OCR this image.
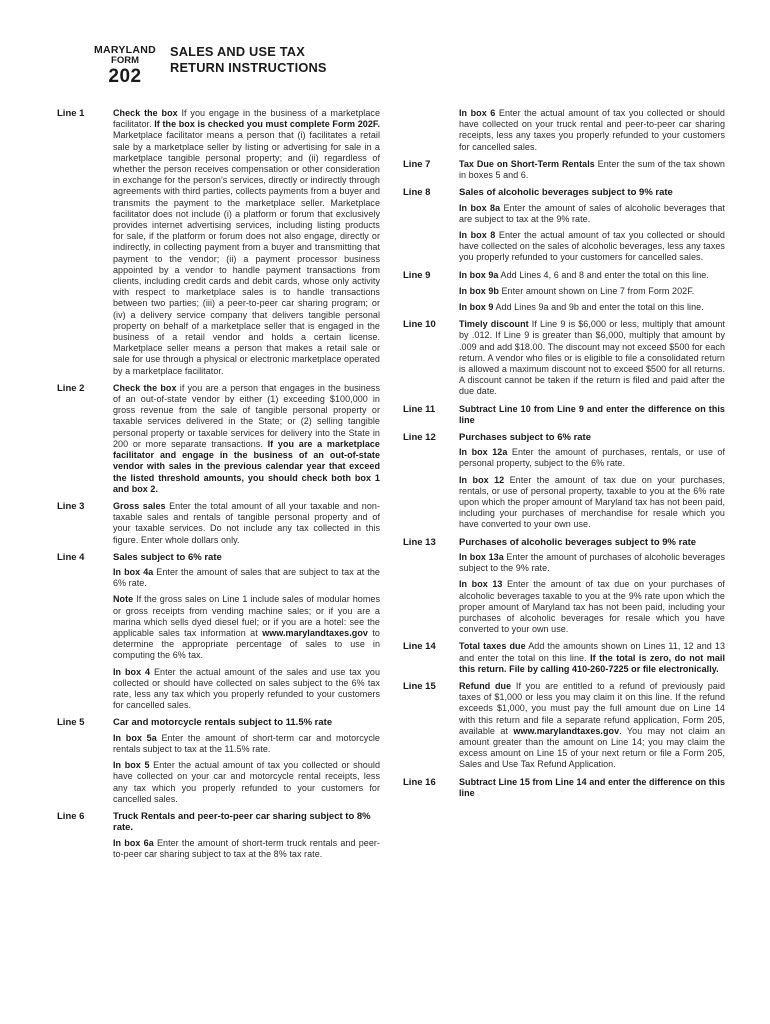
MARYLAND
FORM
202
SALES AND USE TAX
RETURN INSTRUCTIONS
Line 1	Check the box If you engage in the business of a marketplace facilitator. If the box is checked you must complete Form 202F. Marketplace facilitator means a person that (i) facilitates a retail sale by a marketplace seller by listing or advertising for sale in a marketplace tangible personal property; and (ii) regardless of whether the person receives compensation or other consideration in exchange for the person’s services, directly or indirectly through agreements with third parties, collects payments from a buyer and transmits the payment to the marketplace seller. Marketplace facilitator does not include (i) a platform or forum that exclusively provides internet advertising services, including listing products for sale, if the platform or forum does not also engage, directly or indirectly, in collecting payment from a buyer and transmitting that payment to the vendor; (ii) a payment processor business appointed by a vendor to handle payment transactions from clients, including credit cards and debit cards, whose only activity with respect to marketplace sales is to handle transactions between two parties; (iii) a peer-to-peer car sharing program; or (iv) a delivery service company that delivers tangible personal property on behalf of a marketplace seller that is engaged in the business of a retail vendor and holds a certain license. Marketplace seller means a person that makes a retail sale or sale for use through a physical or electronic marketplace operated by a marketplace facilitator.

Line 2	Check the box if you are a person that engages in the business of an out-of-state vendor by either (1) exceeding $100,000 in gross revenue from the sale of tangible personal property or taxable services delivered in the State; or (2) selling tangible personal property or taxable services for delivery into the State in 200 or more separate transactions. If you are a marketplace facilitator and engage in the business of an out-of-state vendor with sales in the previous calendar year that exceed the listed threshold amounts, you should check both box 1 and box 2.

Line 3	Gross sales Enter the total amount of all your taxable and non-taxable sales and rentals of tangible personal property and of your taxable services. Do not include any tax collected in this figure. Enter whole dollars only.

Line 4	Sales subject to 6% rate

In box 4a Enter the amount of sales that are subject to tax at the 6% rate.

Note If the gross sales on Line 1 include sales of modular homes or gross receipts from vending machine sales; or if you are a marina which sells dyed diesel fuel; or if you are a hotel: see the applicable sales tax information at www.marylandtaxes.gov to determine the appropriate percentage of sales to use in computing the 6% tax.

In box 4 Enter the actual amount of the sales and use tax you collected or should have collected on sales subject to the 6% tax rate, less any tax which you properly refunded to your customers for cancelled sales.

Line 5	Car and motorcycle rentals subject to 11.5% rate

In box 5a Enter the amount of short-term car and motorcycle rentals subject to tax at the 11.5% rate.

In box 5 Enter the actual amount of tax you collected or should have collected on your car and motorcycle rental receipts, less any tax which you properly refunded to your customers for cancelled sales.

Line 6	Truck Rentals and peer-to-peer car sharing subject to 8% rate.

In box 6a Enter the amount of short-term truck rentals and peer-to-peer car sharing subject to tax at the 8% tax rate.

In box 6 Enter the actual amount of tax you collected or should have collected on your truck rental and peer-to-peer car sharing receipts, less any taxes you properly refunded to your customers for cancelled sales.

Line 7	Tax Due on Short-Term Rentals Enter the sum of the tax shown in boxes 5 and 6.

Line 8	Sales of alcoholic beverages subject to 9% rate

In box 8a Enter the amount of sales of alcoholic beverages that are subject to tax at the 9% rate.

In box 8 Enter the actual amount of tax you collected or should have collected on the sales of alcoholic beverages, less any taxes you properly refunded to your customers for cancelled sales.

Line 9	In box 9a Add Lines 4, 6 and 8 and enter the total on this line.

In box 9b Enter amount shown on Line 7 from Form 202F.

In box 9 Add Lines 9a and 9b and enter the total on this line.

Line 10	Timely discount If Line 9 is $6,000 or less, multiply that amount by .012. If Line 9 is greater than $6,000, multiply that amount by .009 and add $18.00. The discount may not exceed $500 for each return. A vendor who files or is eligible to file a consolidated return is allowed a maximum discount not to exceed $500 for all returns. A discount cannot be taken if the return is filed and paid after the due date.

Line 11	Subtract Line 10 from Line 9 and enter the difference on this line

Line 12	Purchases subject to 6% rate

In box 12a Enter the amount of purchases, rentals, or use of personal property, subject to the 6% rate.

In box 12 Enter the amount of tax due on your purchases, rentals, or use of personal property, taxable to you at the 6% rate upon which the proper amount of Maryland tax has not been paid, including your purchases of merchandise for resale which you have converted to your own use.

Line 13	Purchases of alcoholic beverages subject to 9% rate

In box 13a Enter the amount of purchases of alcoholic beverages subject to the 9% rate.

In box 13 Enter the amount of tax due on your purchases of alcoholic beverages taxable to you at the 9% rate upon which the proper amount of Maryland tax has not been paid, including your purchases of alcoholic beverages for resale which you have converted to your own use.

Line 14	Total taxes due Add the amounts shown on Lines 11, 12 and 13 and enter the total on this line. If the total is zero, do not mail this return. File by calling 410-260-7225 or file electronically.

Line 15	Refund due If you are entitled to a refund of previously paid taxes of $1,000 or less you may claim it on this line. If the refund exceeds $1,000, you must pay the full amount due on Line 14 with this return and file a separate refund application, Form 205, available at www.marylandtaxes.gov. You may not claim an amount greater than the amount on Line 14; you may claim the excess amount on Line 15 of your next return or file a Form 205, Sales and Use Tax Refund Application.

Line 16	Subtract Line 15 from Line 14 and enter the difference on this line
